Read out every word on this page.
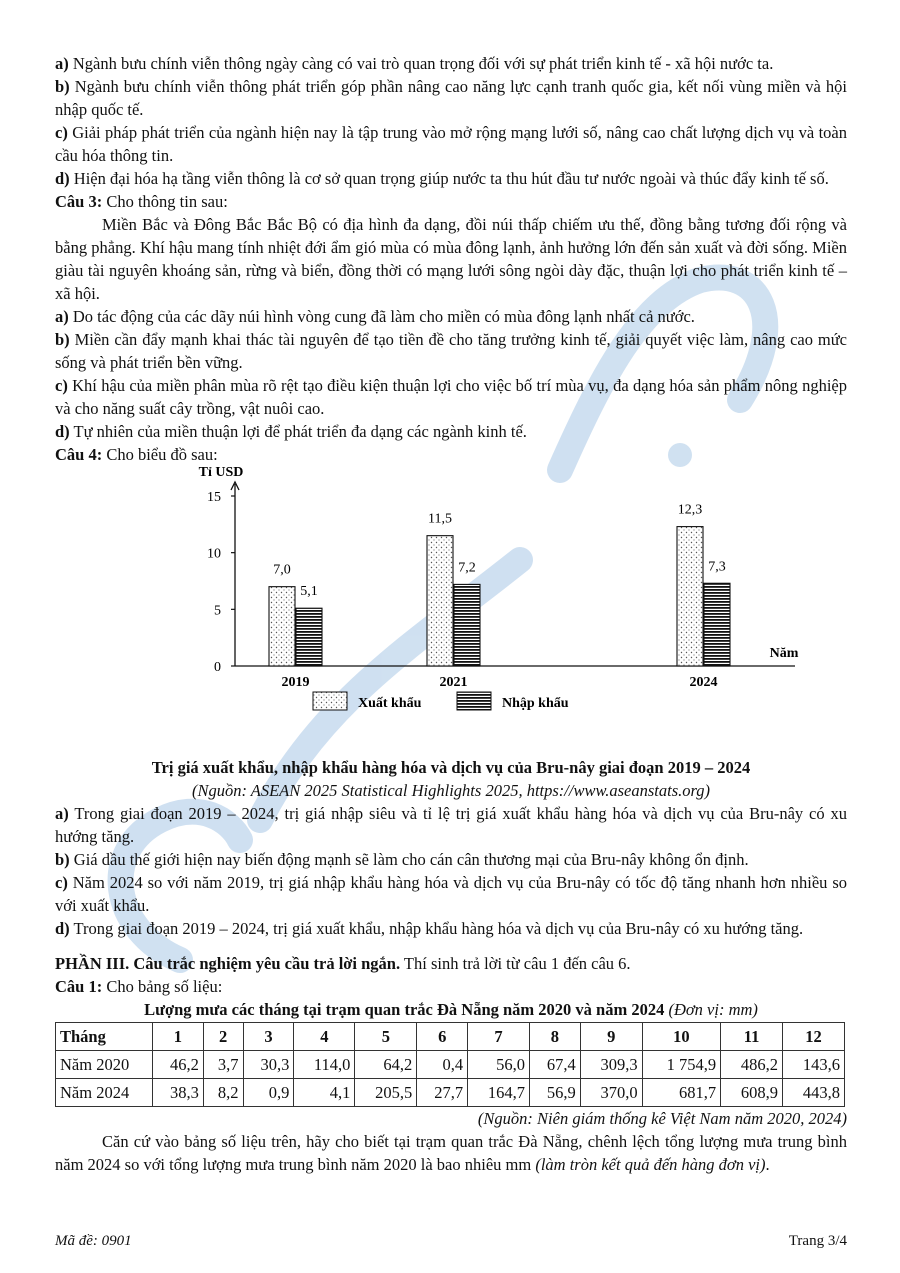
a) Ngành bưu chính viễn thông ngày càng có vai trò quan trọng đối với sự phát triển kinh tế - xã hội nước ta.

b) Ngành bưu chính viễn thông phát triển góp phần nâng cao năng lực cạnh tranh quốc gia, kết nối vùng miền và hội nhập quốc tế.

c) Giải pháp phát triển của ngành hiện nay là tập trung vào mở rộng mạng lưới số, nâng cao chất lượng dịch vụ và toàn cầu hóa thông tin.

d) Hiện đại hóa hạ tầng viễn thông là cơ sở quan trọng giúp nước ta thu hút đầu tư nước ngoài và thúc đẩy kinh tế số.

Câu 3: Cho thông tin sau:

Miền Bắc và Đông Bắc Bắc Bộ có địa hình đa dạng, đồi núi thấp chiếm ưu thế, đồng bằng tương đối rộng và bằng phẳng. Khí hậu mang tính nhiệt đới ẩm gió mùa có mùa đông lạnh, ảnh hưởng lớn đến sản xuất và đời sống. Miền giàu tài nguyên khoáng sản, rừng và biển, đồng thời có mạng lưới sông ngòi dày đặc, thuận lợi cho phát triển kinh tế – xã hội.

a) Do tác động của các dãy núi hình vòng cung đã làm cho miền có mùa đông lạnh nhất cả nước.

b) Miền cần đẩy mạnh khai thác tài nguyên để tạo tiền đề cho tăng trưởng kinh tế, giải quyết việc làm, nâng cao mức sống và phát triển bền vững.

c) Khí hậu của miền phân mùa rõ rệt tạo điều kiện thuận lợi cho việc bố trí mùa vụ, đa dạng hóa sản phẩm nông nghiệp và cho năng suất cây trồng, vật nuôi cao.

d) Tự nhiên của miền thuận lợi để phát triển đa dạng các ngành kinh tế.

Câu 4: Cho biểu đồ sau:

Tỉ USD
Năm
0
5
10
15
7,0
5,1
2019
11,5
7,2
2021
12,3
7,3
2024
Xuất khẩu	Nhập khẩu

Trị giá xuất khẩu, nhập khẩu hàng hóa và dịch vụ của Bru-nây giai đoạn 2019 – 2024

(Nguồn: ASEAN 2025 Statistical Highlights 2025, https://www.aseanstats.org)

a) Trong giai đoạn 2019 – 2024, trị giá nhập siêu và tỉ lệ trị giá xuất khẩu hàng hóa và dịch vụ của Bru-nây có xu hướng tăng.

b) Giá dầu thế giới hiện nay biến động mạnh sẽ làm cho cán cân thương mại của Bru-nây không ổn định.

c) Năm 2024 so với năm 2019, trị giá nhập khẩu hàng hóa và dịch vụ của Bru-nây có tốc độ tăng nhanh hơn nhiều so với xuất khẩu.

d) Trong giai đoạn 2019 – 2024, trị giá xuất khẩu, nhập khẩu hàng hóa và dịch vụ của Bru-nây có xu hướng tăng.

PHẦN III. Câu trắc nghiệm yêu cầu trả lời ngắn. Thí sinh trả lời từ câu 1 đến câu 6.

Câu 1: Cho bảng số liệu:

Lượng mưa các tháng tại trạm quan trắc Đà Nẵng năm 2020 và năm 2024 (Đơn vị: mm)

Tháng	1	2	3	4	5	6	7	8	9	10	11	12
Năm 2020	46,2	3,7	30,3	114,0	64,2	0,4	56,0	67,4	309,3	1 754,9	486,2	143,6
Năm 2024	38,3	8,2	0,9	4,1	205,5	27,7	164,7	56,9	370,0	681,7	608,9	443,8

(Nguồn: Niên giám thống kê Việt Nam năm 2020, 2024)

Căn cứ vào bảng số liệu trên, hãy cho biết tại trạm quan trắc Đà Nẵng, chênh lệch tổng lượng mưa trung bình năm 2024 so với tổng lượng mưa trung bình năm 2020 là bao nhiêu mm (làm tròn kết quả đến hàng đơn vị).

Mã đề: 0901	Trang 3/4
